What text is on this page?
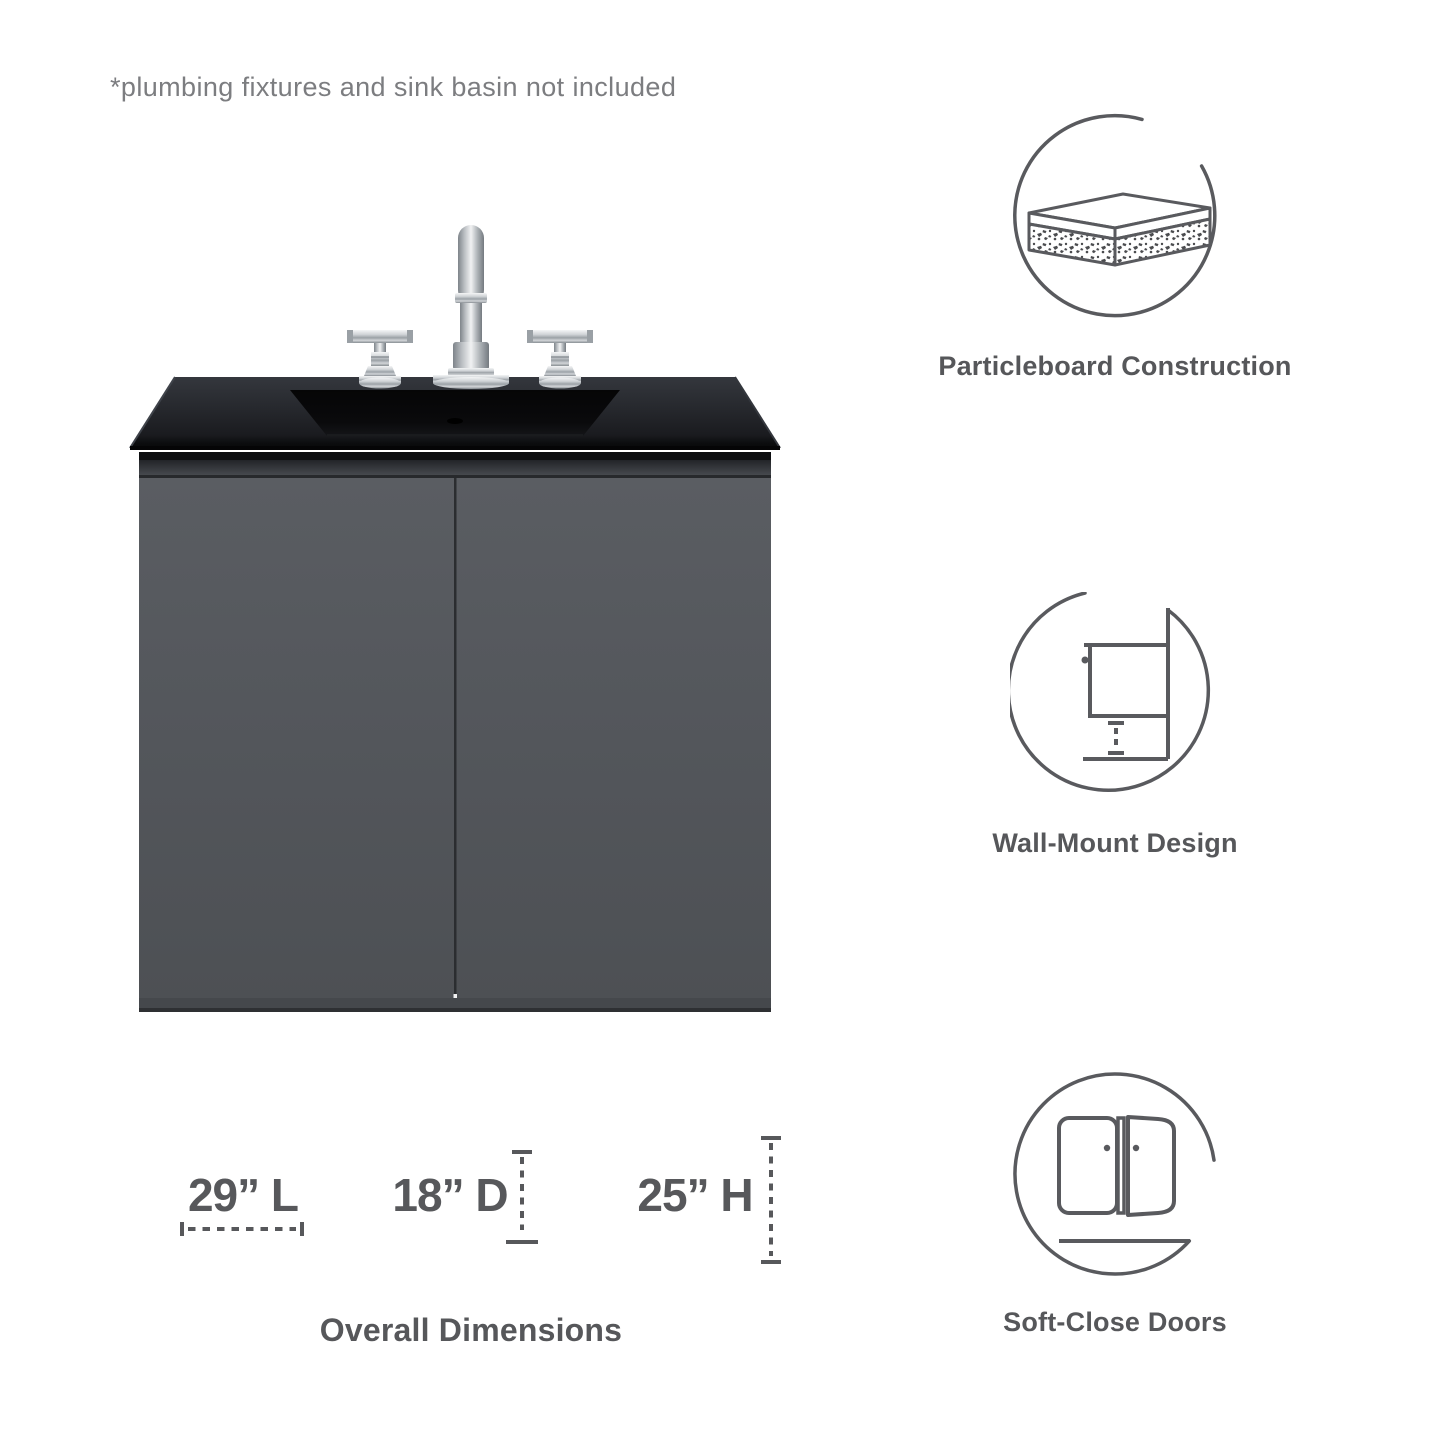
*plumbing fixtures and sink basin not included
Particleboard Construction
Wall-Mount Design
Soft-Close Doors
29” L	18” D	25” H
Overall Dimensions
